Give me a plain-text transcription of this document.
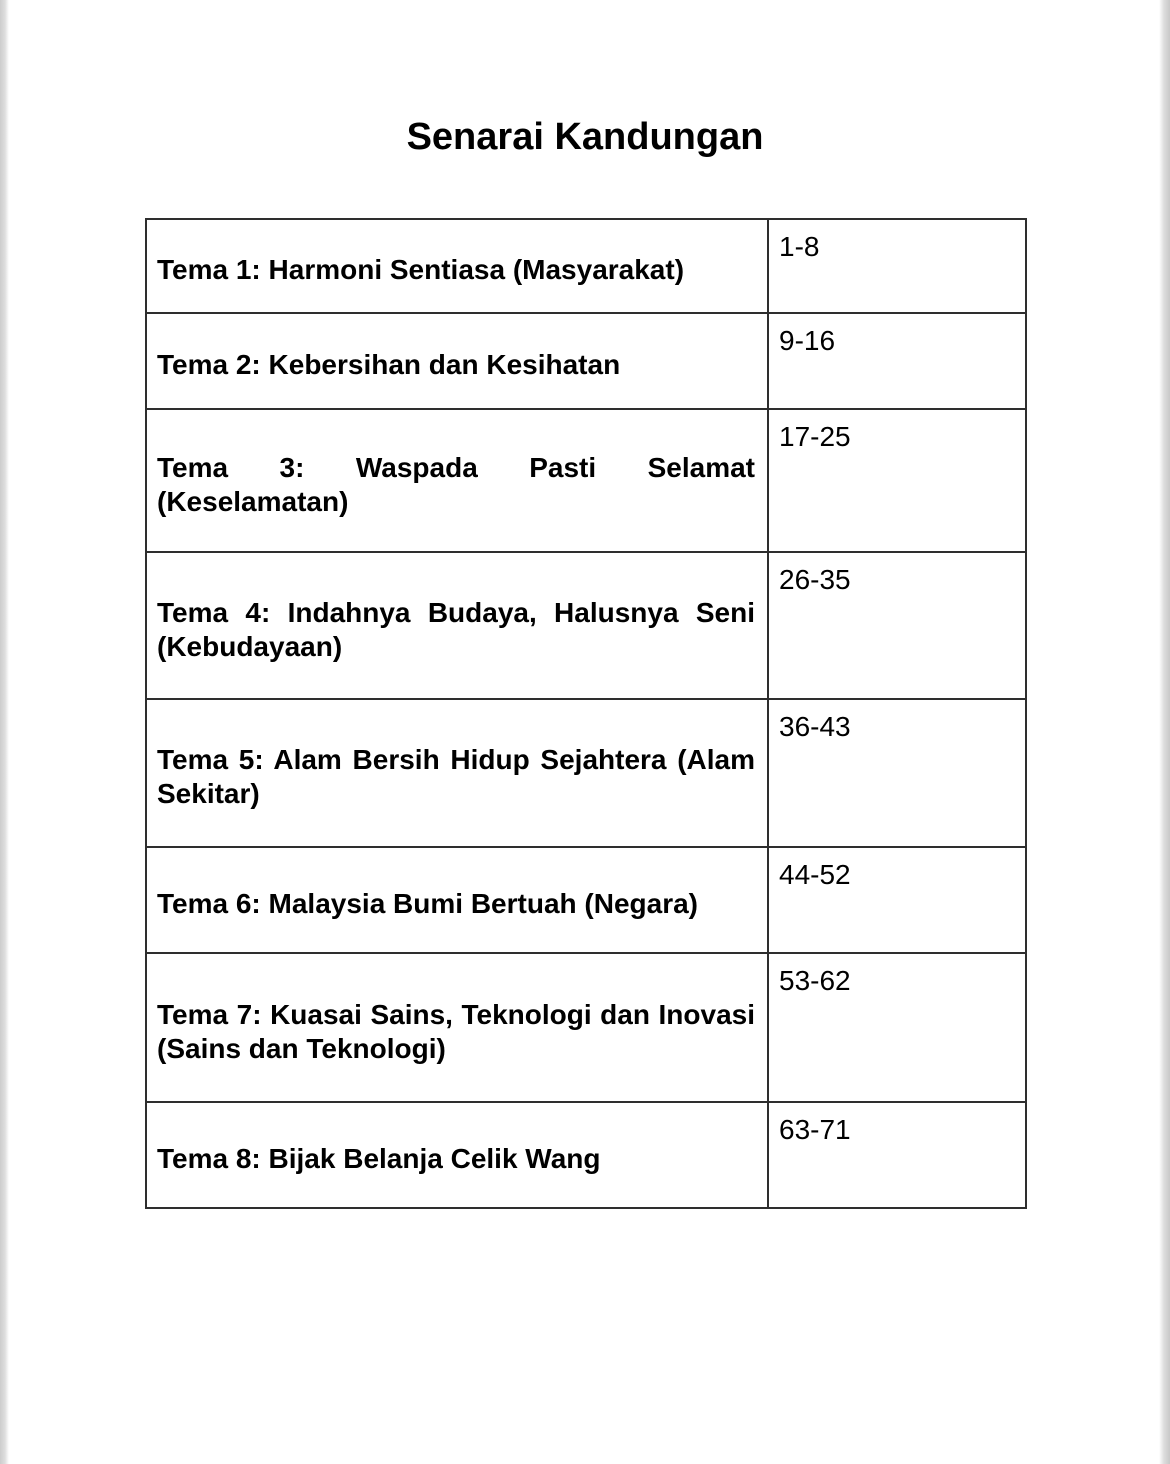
Senarai Kandungan
Tema 1: Harmoni Sentiasa (Masyarakat)	1-8
Tema 2: Kebersihan dan Kesihatan	9-16
Tema 3: Waspada Pasti Selamat (Keselamatan)	17-25
Tema 4: Indahnya Budaya, Halusnya Seni (Kebudayaan)	26-35
Tema 5: Alam Bersih Hidup Sejahtera (Alam Sekitar)	36-43
Tema 6: Malaysia Bumi Bertuah (Negara)	44-52
Tema 7: Kuasai Sains, Teknologi dan Inovasi (Sains dan Teknologi)	53-62
Tema 8: Bijak Belanja Celik Wang	63-71
